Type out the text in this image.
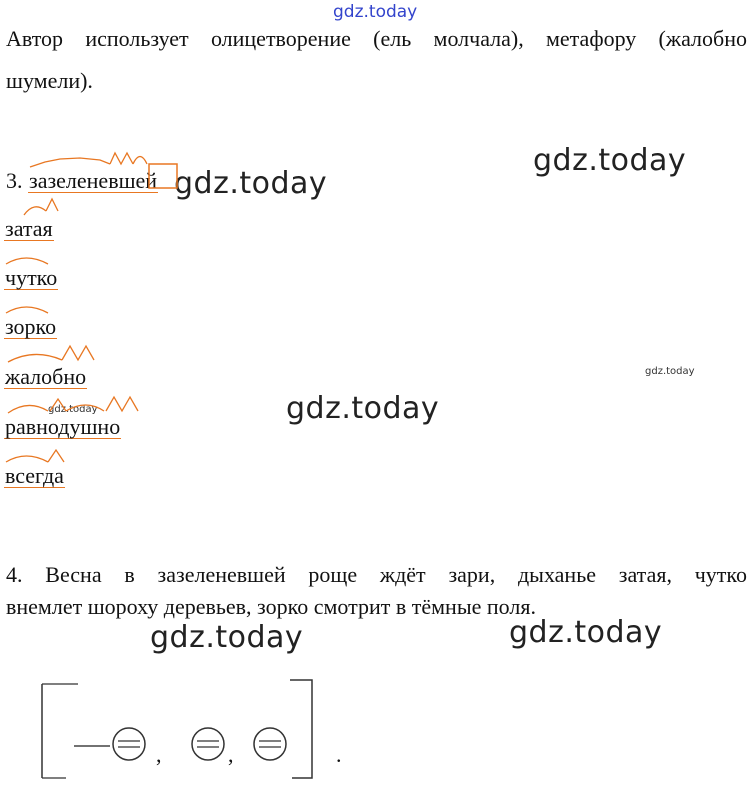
gdz.today
gdz.today
gdz.today
gdz.today
gdz.today	gdz.today
gdz.today	gdz.today
Автор использует олицетворение (ель молчала), метафору (жалобно
шумели).
3. зазеленевшей
затая
чутко
зорко
жалобно
равнодушно
всегда
4. Весна в зазеленевшей роще ждёт зари, дыханье затая, чутко
внемлет шороху деревьев, зорко смотрит в тёмные поля.
,	,	.
